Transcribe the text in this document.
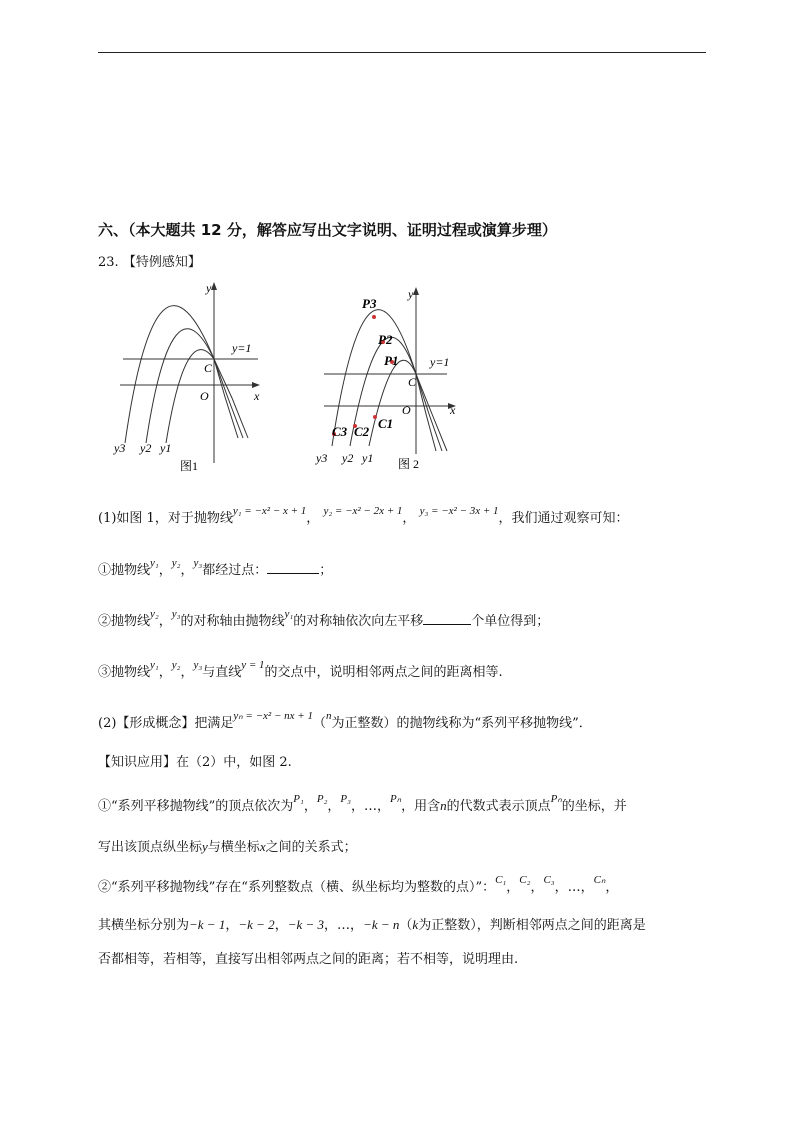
六、（本大题共 12 分，解答应写出文字说明、证明过程或演算步理）
23. 【特例感知】
y
x
O
C
y=1
y3 y2 y1
图1
y
x
O
C
y=1
P3
P2
P1
C3 C2
C1
y3 y2 y1 图 2
(1)如图 1，对于抛物线$^{y_1 = -x^2 - x + 1}$， $^{y_2 = -x^2 - 2x + 1}$， $^{y_3 = -x^2 - 3x + 1}$，我们通过观察可知：
①抛物线$^{y_1}$，$^{y_2}$，$^{y_3}$都经过点：	；
②抛物线$^{y_2}$，$^{y_3}$的对称轴由抛物线$^{y_1}$的对称轴依次向左平移	个单位得到；
③抛物线$^{y_1}$，$^{y_2}$，$^{y_3}$与直线$^{y = 1}$的交点中，说明相邻两点之间的距离相等.
(2)【形成概念】把满足$^{y_n = -x^2 - nx + 1}$（$^n$为正整数）的抛物线称为“系列平移抛物线”．
【知识应用】在（2）中，如图 2.
①“系列平移抛物线”的顶点依次为$^{P_1}$，$^{P_2}$，$^{P_3}$，…，$^{P_n}$，用含n的代数式表示顶点$^{P_n}$的坐标，并
写出该顶点纵坐标y与横坐标x之间的关系式；
②“系列平移抛物线”存在“系列整数点（横、纵坐标均为整数的点）”：$^{C_1}$，$^{C_2}$，$^{C_3}$，…，$^{C_n}$，
其横坐标分别为−k − 1，−k − 2，−k − 3，…，−k − n（k为正整数），判断相邻两点之间的距离是
否都相等，若相等，直接写出相邻两点之间的距离；若不相等，说明理由.
